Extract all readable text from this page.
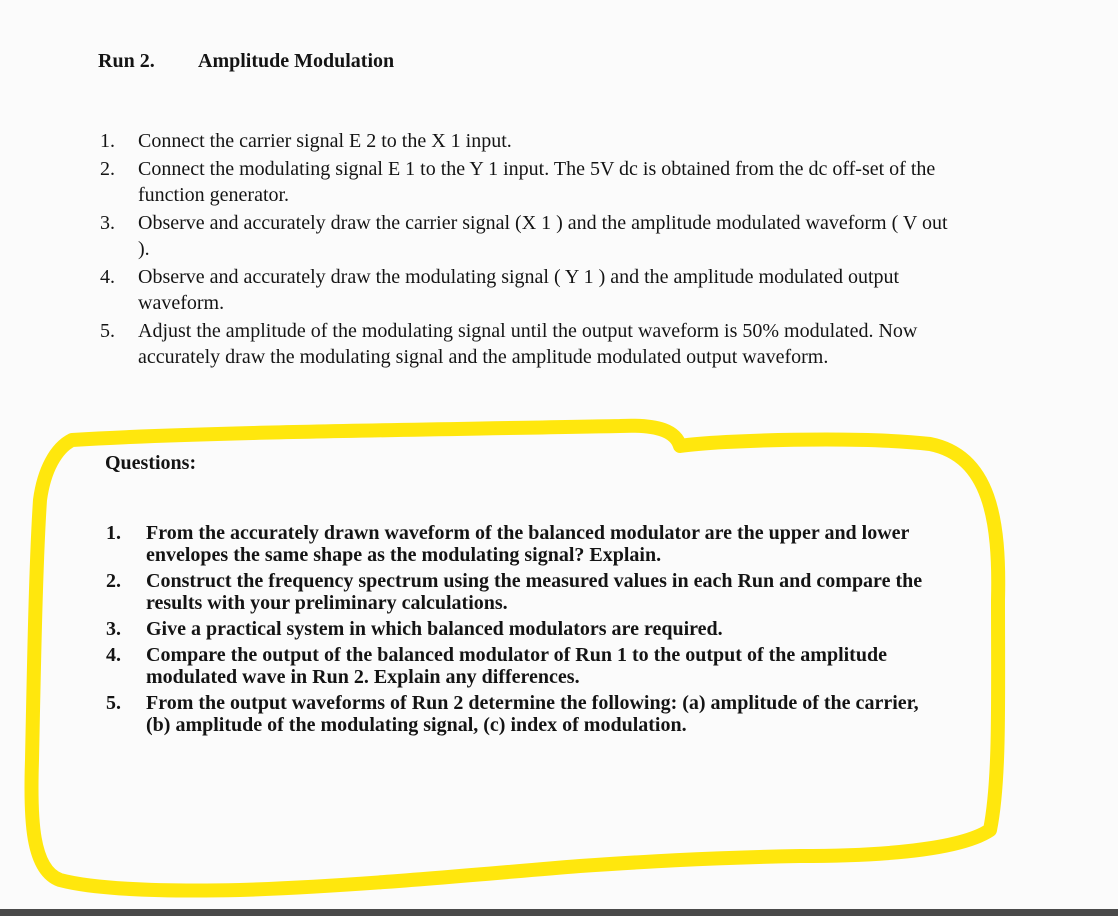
Run 2. Amplitude Modulation
1. Connect the carrier signal E 2 to the X 1 input.
2. Connect the modulating signal E 1 to the Y 1 input. The 5V dc is obtained from the dc off-set of the function generator.
3. Observe and accurately draw the carrier signal (X 1 ) and the amplitude modulated waveform ( V out ).
4. Observe and accurately draw the modulating signal ( Y 1 ) and the amplitude modulated output waveform.
5. Adjust the amplitude of the modulating signal until the output waveform is 50% modulated. Now accurately draw the modulating signal and the amplitude modulated output waveform.
Questions:
1. From the accurately drawn waveform of the balanced modulator are the upper and lower envelopes the same shape as the modulating signal? Explain.
2. Construct the frequency spectrum using the measured values in each Run and compare the results with your preliminary calculations.
3. Give a practical system in which balanced modulators are required.
4. Compare the output of the balanced modulator of Run 1 to the output of the amplitude modulated wave in Run 2. Explain any differences.
5. From the output waveforms of Run 2 determine the following: (a) amplitude of the carrier, (b) amplitude of the modulating signal, (c) index of modulation.
